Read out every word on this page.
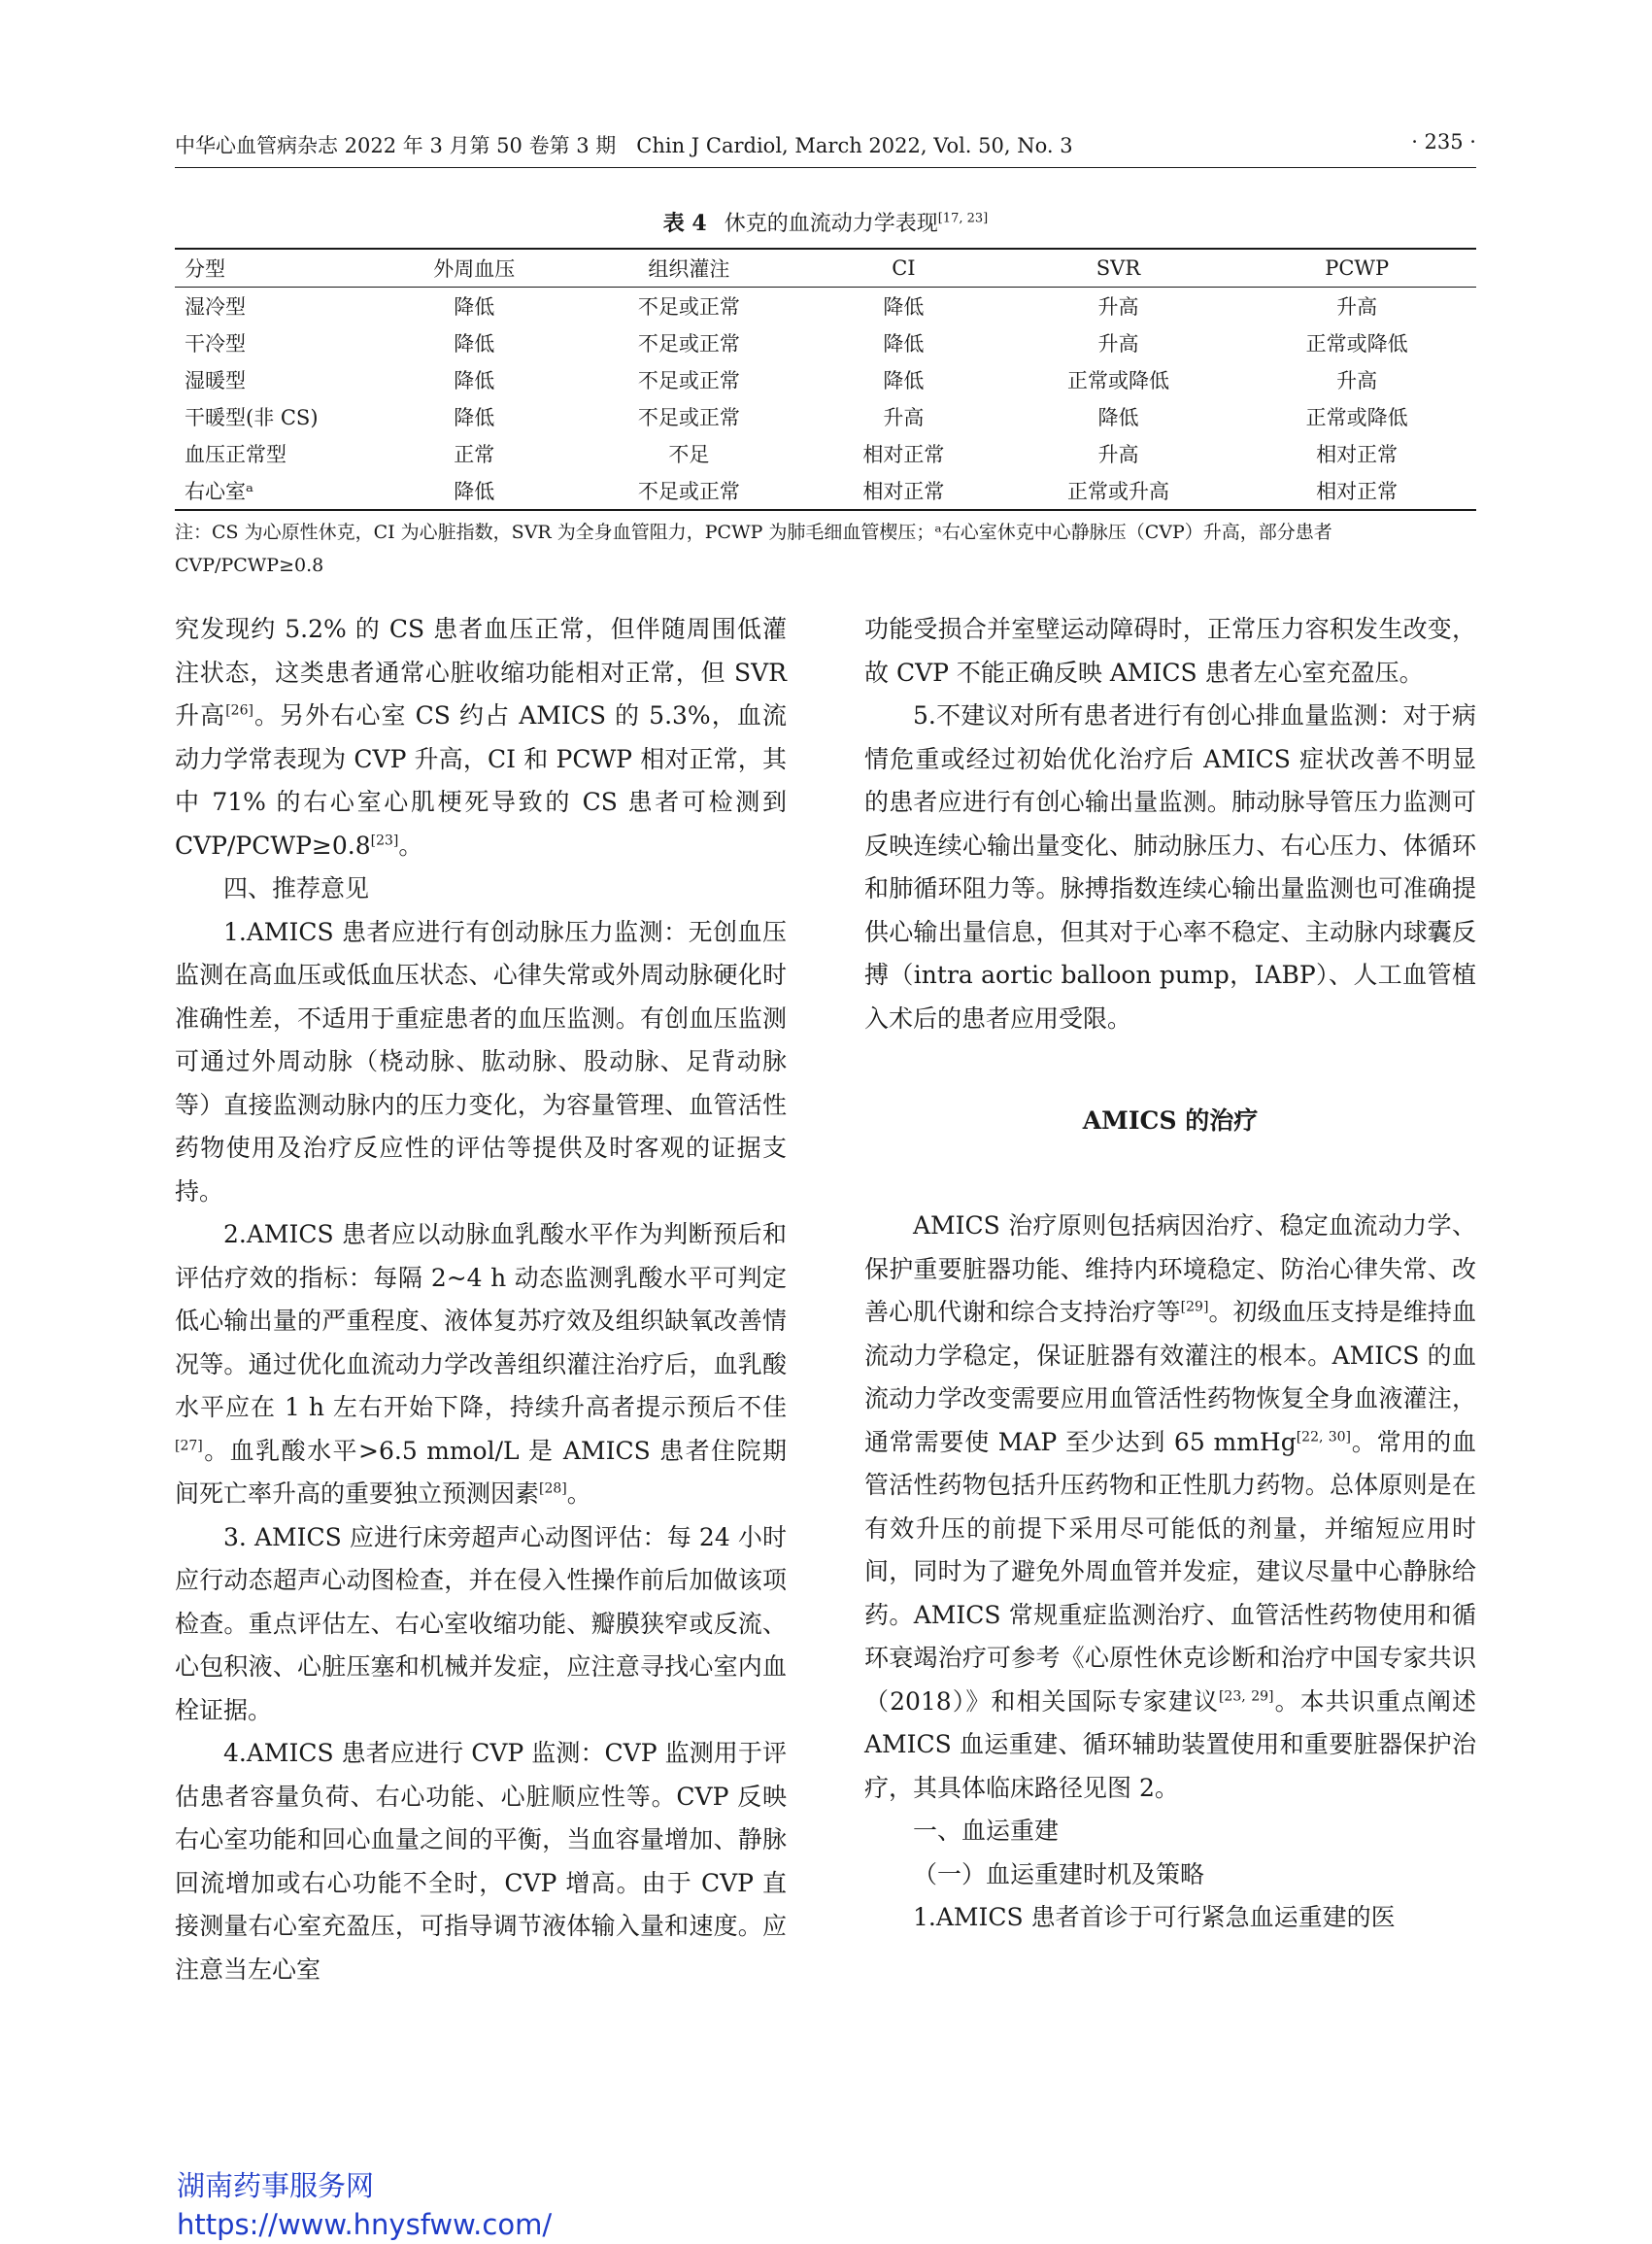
中华心血管病杂志 2022 年 3 月第 50 卷第 3 期　Chin J Cardiol, March 2022, Vol. 50, No. 3	· 235 ·
表 4 休克的血流动力学表现[17, 23]
分型	外周血压	组织灌注	CI	SVR	PCWP
湿冷型	降低	不足或正常	降低	升高	升高
干冷型	降低	不足或正常	降低	升高	正常或降低
湿暖型	降低	不足或正常	降低	正常或降低	升高
干暖型(非 CS)	降低	不足或正常	升高	降低	正常或降低
血压正常型	正常	不足	相对正常	升高	相对正常
右心室ᵃ	降低	不足或正常	相对正常	正常或升高	相对正常
注：CS 为心原性休克，CI 为心脏指数，SVR 为全身血管阻力，PCWP 为肺毛细血管楔压；ᵃ右心室休克中心静脉压（CVP）升高，部分患者
CVP/PCWP≥0.8

究发现约 5.2% 的 CS 患者血压正常，但伴随周围低灌注状态，这类患者通常心脏收缩功能相对正常，但 SVR 升高[26]。另外右心室 CS 约占 AMICS 的 5.3%，血流动力学常表现为 CVP 升高，CI 和 PCWP 相对正常，其中 71% 的右心室心肌梗死导致的 CS 患者可检测到 CVP/PCWP≥0.8[23]。

四、推荐意见

1.AMICS 患者应进行有创动脉压力监测：无创血压监测在高血压或低血压状态、心律失常或外周动脉硬化时准确性差，不适用于重症患者的血压监测。有创血压监测可通过外周动脉（桡动脉、肱动脉、股动脉、足背动脉等）直接监测动脉内的压力变化，为容量管理、血管活性药物使用及治疗反应性的评估等提供及时客观的证据支持。

2.AMICS 患者应以动脉血乳酸水平作为判断预后和评估疗效的指标：每隔 2~4 h 动态监测乳酸水平可判定低心输出量的严重程度、液体复苏疗效及组织缺氧改善情况等。通过优化血流动力学改善组织灌注治疗后，血乳酸水平应在 1 h 左右开始下降，持续升高者提示预后不佳[27]。血乳酸水平>6.5 mmol/L 是 AMICS 患者住院期间死亡率升高的重要独立预测因素[28]。

3. AMICS 应进行床旁超声心动图评估：每 24 小时应行动态超声心动图检查，并在侵入性操作前后加做该项检查。重点评估左、右心室收缩功能、瓣膜狭窄或反流、心包积液、心脏压塞和机械并发症，应注意寻找心室内血栓证据。

4.AMICS 患者应进行 CVP 监测：CVP 监测用于评估患者容量负荷、右心功能、心脏顺应性等。CVP 反映右心室功能和回心血量之间的平衡，当血容量增加、静脉回流增加或右心功能不全时，CVP 增高。由于 CVP 直接测量右心室充盈压，可指导调节液体输入量和速度。应注意当左心室

功能受损合并室壁运动障碍时，正常压力容积发生改变，故 CVP 不能正确反映 AMICS 患者左心室充盈压。

5.不建议对所有患者进行有创心排血量监测：对于病情危重或经过初始优化治疗后 AMICS 症状改善不明显的患者应进行有创心输出量监测。肺动脉导管压力监测可反映连续心输出量变化、肺动脉压力、右心压力、体循环和肺循环阻力等。脉搏指数连续心输出量监测也可准确提供心输出量信息，但其对于心率不稳定、主动脉内球囊反搏（intra aortic balloon pump，IABP）、人工血管植入术后的患者应用受限。

AMICS 的治疗

AMICS 治疗原则包括病因治疗、稳定血流动力学、保护重要脏器功能、维持内环境稳定、防治心律失常、改善心肌代谢和综合支持治疗等[29]。初级血压支持是维持血流动力学稳定，保证脏器有效灌注的根本。AMICS 的血流动力学改变需要应用血管活性药物恢复全身血液灌注，通常需要使 MAP 至少达到 65 mmHg[22, 30]。常用的血管活性药物包括升压药物和正性肌力药物。总体原则是在有效升压的前提下采用尽可能低的剂量，并缩短应用时间，同时为了避免外周血管并发症，建议尽量中心静脉给药。AMICS 常规重症监测治疗、血管活性药物使用和循环衰竭治疗可参考《心原性休克诊断和治疗中国专家共识（2018）》和相关国际专家建议[23, 29]。本共识重点阐述 AMICS 血运重建、循环辅助装置使用和重要脏器保护治疗，其具体临床路径见图 2。

一、血运重建

（一）血运重建时机及策略

1.AMICS 患者首诊于可行紧急血运重建的医

湖南药事服务网
https://www.hnysfww.com/
